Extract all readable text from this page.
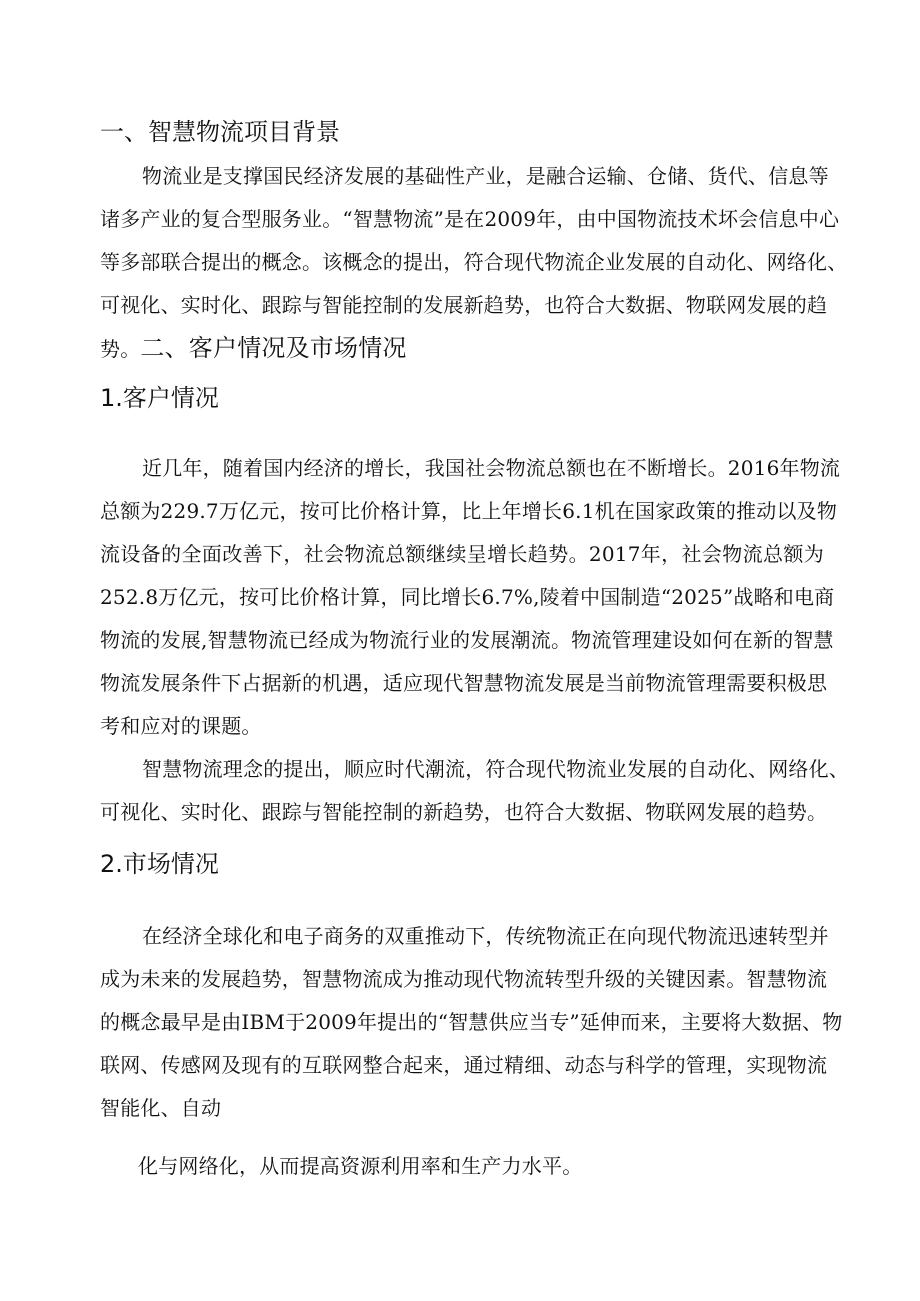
一、智慧物流项目背景

物流业是支撑国民经济发展的基础性产业，是融合运输、仓储、货代、信息等

诸多产业的复合型服务业。“智慧物流”是在2009年，由中国物流技术坏会信息中心

等多部联合提出的概念。该概念的提出，符合现代物流企业发展的自动化、网络化、

可视化、实时化、跟踪与智能控制的发展新趋势，也符合大数据、物联网发展的趋

势。二、客户情况及市场情况

1.客户情况

近几年，随着国内经济的增长，我国社会物流总额也在不断增长。2016年物流

总额为229.7万亿元，按可比价格计算，比上年增长6.1机在国家政策的推动以及物

流设备的全面改善下，社会物流总额继续呈增长趋势。2017年，社会物流总额为

252.8万亿元，按可比价格计算，同比增长6.7%,陵着中国制造“2025”战略和电商

物流的发展,智慧物流已经成为物流行业的发展潮流。物流管理建设如何在新的智慧

物流发展条件下占据新的机遇，适应现代智慧物流发展是当前物流管理需要积极思

考和应对的课题。

智慧物流理念的提出，顺应时代潮流，符合现代物流业发展的自动化、网络化、

可视化、实时化、跟踪与智能控制的新趋势，也符合大数据、物联网发展的趋势。

2.市场情况

在经济全球化和电子商务的双重推动下，传统物流正在向现代物流迅速转型并

成为未来的发展趋势，智慧物流成为推动现代物流转型升级的关键因素。智慧物流

的概念最早是由IBM于2009年提出的“智慧供应当专”延伸而来，主要将大数据、物

联网、传感网及现有的互联网整合起来，通过精细、动态与科学的管理，实现物流

智能化、自动

化与网络化，从而提高资源利用率和生产力水平。
